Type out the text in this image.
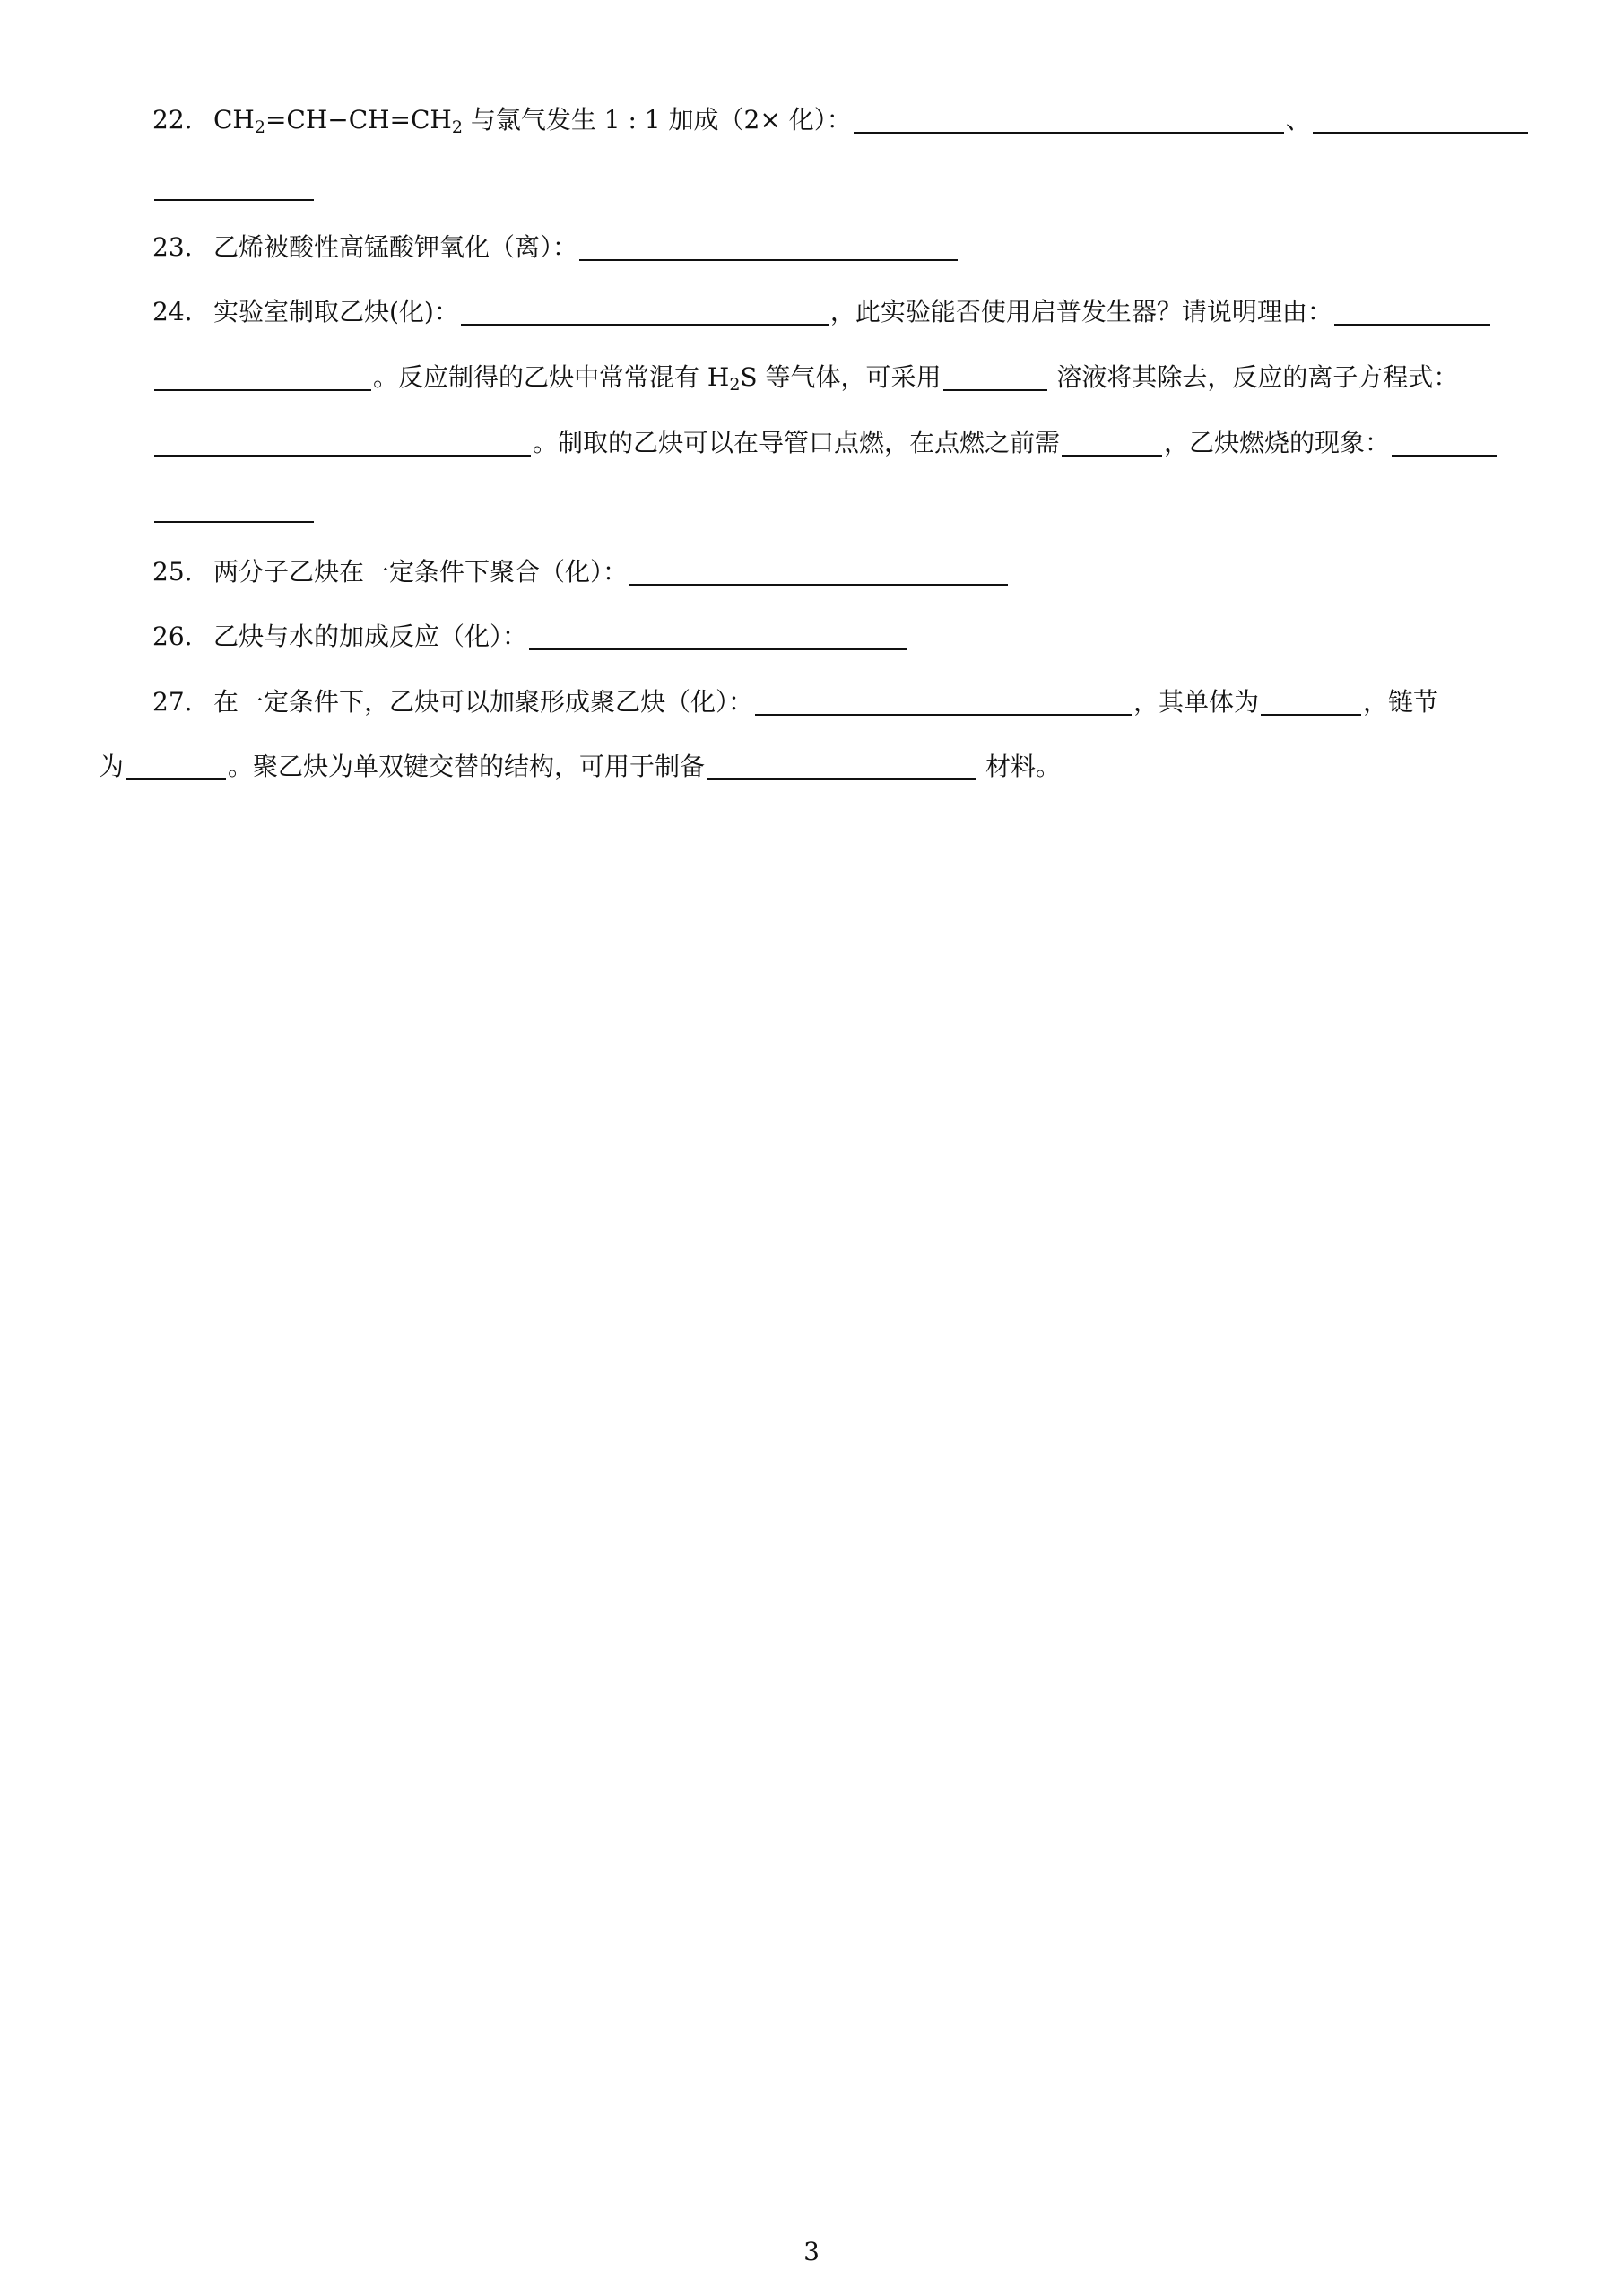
22. $CH_2=CH-CH=CH_2$ 与氯气发生 1 : 1 加成（2× 化）：	、
23. 乙烯被酸性高锰酸钾氧化（离）：
24. 实验室制取乙炔(化)：	，此实验能否使用启普发生器？请说明理由：
。反应制得的乙炔中常常混有 $H_2S$ 等气体，可采用	溶液将其除去，反应的离子方程式：
。制取的乙炔可以在导管口点燃，在点燃之前需	，乙炔燃烧的现象：
25. 两分子乙炔在一定条件下聚合（化）：
26. 乙炔与水的加成反应（化）：
27. 在一定条件下，乙炔可以加聚形成聚乙炔（化）：	，其单体为	，链节
为	。聚乙炔为单双键交替的结构，可用于制备	材料。
3
